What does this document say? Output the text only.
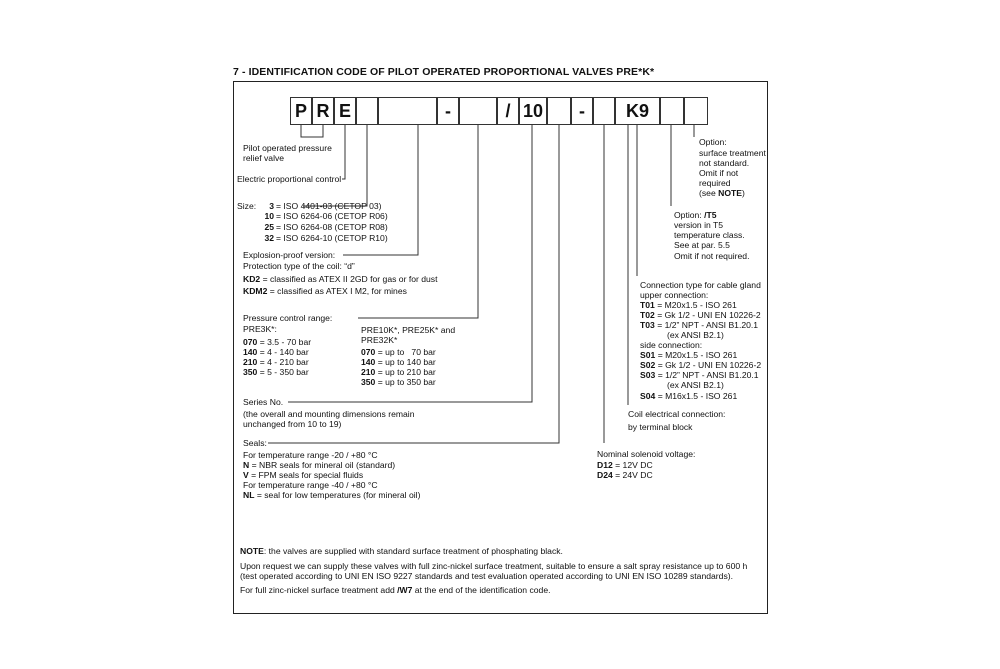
7 - IDENTIFICATION CODE OF PILOT OPERATED PROPORTIONAL VALVES PRE*K*
P R E	-	/ 10	-	K9
Pilot operated pressure
relief valve
Electric proportional control
Size:	3 = ISO 4401-03 (CETOP 03)
10 = ISO 6264-06 (CETOP R06)
25 = ISO 6264-08 (CETOP R08)
32 = ISO 6264-10 (CETOP R10)
Explosion-proof version:
Protection type of the coil: “d”
KD2 = classified as ATEX II 2GD for gas or for dust
KDM2 = classified as ATEX I M2, for mines
Pressure control range:
PRE3K*:
070 = 3.5 - 70 bar
140 = 4 - 140 bar
210 = 4 - 210 bar
350 = 5 - 350 bar
PRE10K*, PRE25K* and
PRE32K*
070 = up to   70 bar
140 = up to 140 bar
210 = up to 210 bar
350 = up to 350 bar
Series No.
(the overall and mounting dimensions remain
unchanged from 10 to 19)
Seals:
For temperature range -20 / +80 °C
N = NBR seals for mineral oil (standard)
V = FPM seals for special fluids
For temperature range -40 / +80 °C
NL = seal for low temperatures (for mineral oil)
Nominal solenoid voltage:
D12 = 12V DC
D24 = 24V DC
Coil electrical connection:
by terminal block
Connection type for cable gland
upper connection:
T01 = M20x1.5 - ISO 261
T02 = Gk 1/2 - UNI EN 10226-2
T03 = 1/2” NPT - ANSI B1.20.1
(ex ANSI B2.1)
side connection:
S01 = M20x1.5 - ISO 261
S02 = Gk 1/2 - UNI EN 10226-2
S03 = 1/2” NPT - ANSI B1.20.1
(ex ANSI B2.1)
S04 = M16x1.5 - ISO 261
Option: /T5
version in T5
temperature class.
See at par. 5.5
Omit if not required.
Option:
surface treatment
not standard.
Omit if not
required
(see NOTE)
NOTE: the valves are supplied with standard surface treatment of phosphating black.
Upon request we can supply these valves with full zinc-nickel surface treatment, suitable to ensure a salt spray resistance up to 600 h
(test operated according to UNI EN ISO 9227 standards and test evaluation operated according to UNI EN ISO 10289 standards).
For full zinc-nickel surface treatment add /W7 at the end of the identification code.
